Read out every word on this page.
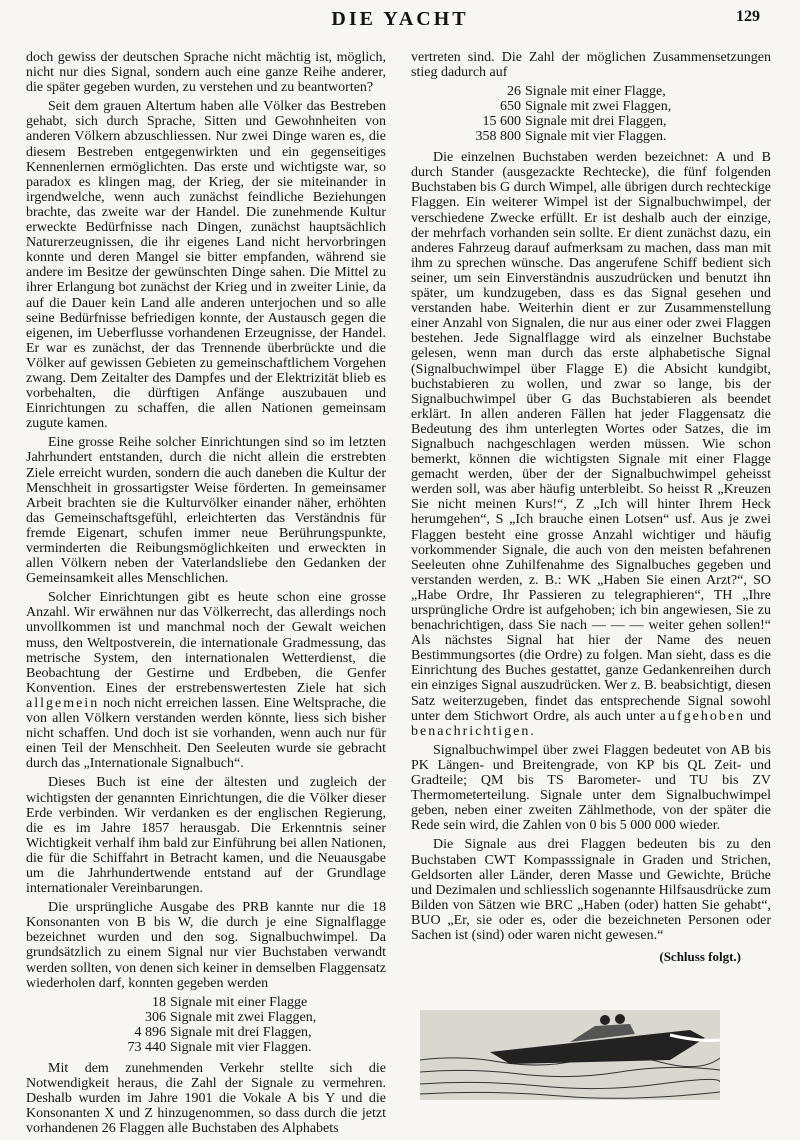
DIE YACHT	129

doch gewiss der deutschen Sprache nicht mächtig ist, möglich, nicht nur dies Signal, sondern auch eine ganze Reihe anderer, die später gegeben wurden, zu verstehen und zu beantworten?

Seit dem grauen Altertum haben alle Völker das Bestreben gehabt, sich durch Sprache, Sitten und Gewohnheiten von anderen Völkern abzuschliessen. Nur zwei Dinge waren es, die diesem Bestreben entgegenwirkten und ein gegenseitiges Kennenlernen ermöglichten. Das erste und wichtigste war, so paradox es klingen mag, der Krieg, der sie miteinander in irgendwelche, wenn auch zunächst feindliche Beziehungen brachte, das zweite war der Handel. Die zunehmende Kultur erweckte Bedürfnisse nach Dingen, zunächst hauptsächlich Naturerzeugnissen, die ihr eigenes Land nicht hervorbringen konnte und deren Mangel sie bitter empfanden, während sie andere im Besitze der gewünschten Dinge sahen. Die Mittel zu ihrer Erlangung bot zunächst der Krieg und in zweiter Linie, da auf die Dauer kein Land alle anderen unterjochen und so alle seine Bedürfnisse befriedigen konnte, der Austausch gegen die eigenen, im Ueberflusse vorhandenen Erzeugnisse, der Handel. Er war es zunächst, der das Trennende überbrückte und die Völker auf gewissen Gebieten zu gemeinschaftlichem Vorgehen zwang. Dem Zeitalter des Dampfes und der Elektrizität blieb es vorbehalten, die dürftigen Anfänge auszubauen und Einrichtungen zu schaffen, die allen Nationen gemeinsam zugute kamen.

Eine grosse Reihe solcher Einrichtungen sind so im letzten Jahrhundert entstanden, durch die nicht allein die erstrebten Ziele erreicht wurden, sondern die auch daneben die Kultur der Menschheit in grossartigster Weise förderten. In gemeinsamer Arbeit brachten sie die Kulturvölker einander näher, erhöhten das Gemeinschaftsgefühl, erleichterten das Verständnis für fremde Eigenart, schufen immer neue Berührungspunkte, verminderten die Reibungsmöglichkeiten und erweckten in allen Völkern neben der Vaterlandsliebe den Gedanken der Gemeinsamkeit alles Menschlichen.

Solcher Einrichtungen gibt es heute schon eine grosse Anzahl. Wir erwähnen nur das Völkerrecht, das allerdings noch unvollkommen ist und manchmal noch der Gewalt weichen muss, den Weltpostverein, die internationale Gradmessung, das metrische System, den internationalen Wetterdienst, die Beobachtung der Gestirne und Erdbeben, die Genfer Konvention. Eines der erstrebenswertesten Ziele hat sich allgemein noch nicht erreichen lassen. Eine Weltsprache, die von allen Völkern verstanden werden könnte, liess sich bisher nicht schaffen. Und doch ist sie vorhanden, wenn auch nur für einen Teil der Menschheit. Den Seeleuten wurde sie gebracht durch das „Internationale Signalbuch“.

Dieses Buch ist eine der ältesten und zugleich der wichtigsten der genannten Einrichtungen, die die Völker dieser Erde verbinden. Wir verdanken es der englischen Regierung, die es im Jahre 1857 herausgab. Die Erkenntnis seiner Wichtigkeit verhalf ihm bald zur Einführung bei allen Nationen, die für die Schiffahrt in Betracht kamen, und die Neuausgabe um die Jahrhundertwende entstand auf der Grundlage internationaler Vereinbarungen.

Die ursprüngliche Ausgabe des PRB kannte nur die 18 Konsonanten von B bis W, die durch je eine Signalflagge bezeichnet wurden und den sog. Signalbuchwimpel. Da grundsätzlich zu einem Signal nur vier Buchstaben verwandt werden sollten, von denen sich keiner in demselben Flaggensatz wiederholen darf, konnten gegeben werden

18	Signale mit einer Flagge
306	Signale mit zwei Flaggen,
4 896	Signale mit drei Flaggen,
73 440	Signale mit vier Flaggen.

Mit dem zunehmenden Verkehr stellte sich die Notwendigkeit heraus, die Zahl der Signale zu vermehren. Deshalb wurden im Jahre 1901 die Vokale A bis Y und die Konsonanten X und Z hinzugenommen, so dass durch die jetzt vorhandenen 26 Flaggen alle Buchstaben des Alphabets

vertreten sind. Die Zahl der möglichen Zusammensetzungen stieg dadurch auf

26	Signale mit einer Flagge,
650	Signale mit zwei Flaggen,
15 600	Signale mit drei Flaggen,
358 800	Signale mit vier Flaggen.

Die einzelnen Buchstaben werden bezeichnet: A und B durch Stander (ausgezackte Rechtecke), die fünf folgenden Buchstaben bis G durch Wimpel, alle übrigen durch rechteckige Flaggen. Ein weiterer Wimpel ist der Signalbuchwimpel, der verschiedene Zwecke erfüllt. Er ist deshalb auch der einzige, der mehrfach vorhanden sein sollte. Er dient zunächst dazu, ein anderes Fahrzeug darauf aufmerksam zu machen, dass man mit ihm zu sprechen wünsche. Das angerufene Schiff bedient sich seiner, um sein Einverständnis auszudrücken und benutzt ihn später, um kundzugeben, dass es das Signal gesehen und verstanden habe. Weiterhin dient er zur Zusammenstellung einer Anzahl von Signalen, die nur aus einer oder zwei Flaggen bestehen. Jede Signalflagge wird als einzelner Buchstabe gelesen, wenn man durch das erste alphabetische Signal (Signalbuchwimpel über Flagge E) die Absicht kundgibt, buchstabieren zu wollen, und zwar so lange, bis der Signalbuchwimpel über G das Buchstabieren als beendet erklärt. In allen anderen Fällen hat jeder Flaggensatz die Bedeutung des ihm unterlegten Wortes oder Satzes, die im Signalbuch nachgeschlagen werden müssen. Wie schon bemerkt, können die wichtigsten Signale mit einer Flagge gemacht werden, über der der Signalbuchwimpel geheisst werden soll, was aber häufig unterbleibt. So heisst R „Kreuzen Sie nicht meinen Kurs!“, Z „Ich will hinter Ihrem Heck herumgehen“, S „Ich brauche einen Lotsen“ usf. Aus je zwei Flaggen besteht eine grosse Anzahl wichtiger und häufig vorkommender Signale, die auch von den meisten befahrenen Seeleuten ohne Zuhilfenahme des Signalbuches gegeben und verstanden werden, z. B.: WK „Haben Sie einen Arzt?“, SO „Habe Ordre, Ihr Passieren zu telegraphieren“, TH „Ihre ursprüngliche Ordre ist aufgehoben; ich bin angewiesen, Sie zu benachrichtigen, dass Sie nach — — — weiter gehen sollen!“ Als nächstes Signal hat hier der Name des neuen Bestimmungsortes (die Ordre) zu folgen. Man sieht, dass es die Einrichtung des Buches gestattet, ganze Gedankenreihen durch ein einziges Signal auszudrücken. Wer z. B. beabsichtigt, diesen Satz weiterzugeben, findet das entsprechende Signal sowohl unter dem Stichwort Ordre, als auch unter aufgehoben und benachrichtigen.

Signalbuchwimpel über zwei Flaggen bedeutet von AB bis PK Längen- und Breitengrade, von KP bis QL Zeit- und Gradteile; QM bis TS Barometer- und TU bis ZV Thermometerteilung. Signale unter dem Signalbuchwimpel geben, neben einer zweiten Zählmethode, von der später die Rede sein wird, die Zahlen von 0 bis 5 000 000 wieder.

Die Signale aus drei Flaggen bedeuten bis zu den Buchstaben CWT Kompasssignale in Graden und Strichen, Geldsorten aller Länder, deren Masse und Gewichte, Brüche und Dezimalen und schliesslich sogenannte Hilfsausdrücke zum Bilden von Sätzen wie BRC „Haben (oder) hatten Sie gehabt“, BUO „Er, sie oder es, oder die bezeichneten Personen oder Sachen ist (sind) oder waren nicht gewesen.“

(Schluss folgt.)
